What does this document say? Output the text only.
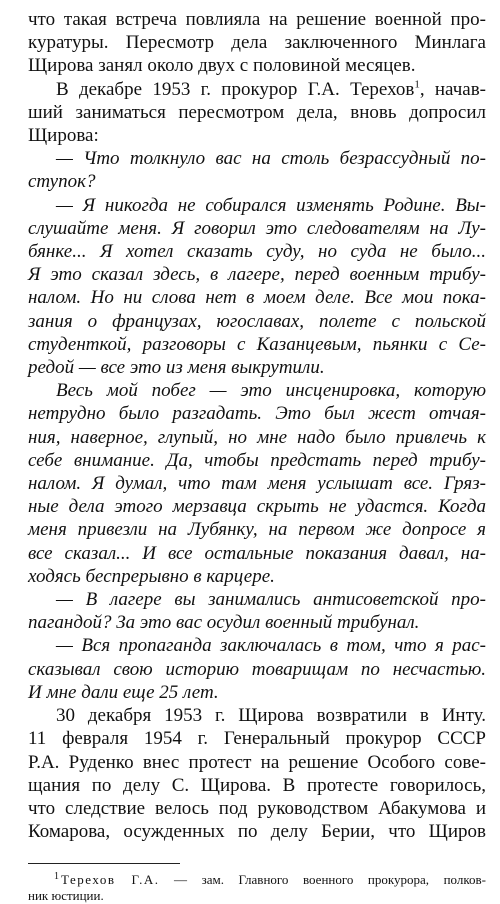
что такая встреча повлияла на решение военной про-
куратуры. Пересмотр дела заключенного Минлага
Щирова занял около двух с половиной месяцев.
В декабре 1953 г. прокурор Г.А. Терехов$^1$, начав-
ший заниматься пересмотром дела, вновь допросил
Щирова:
— Что толкнуло вас на столь безрассудный по-
ступок?
— Я никогда не собирался изменять Родине. Вы-
слушайте меня. Я говорил это следователям на Лу-
бянке... Я хотел сказать суду, но суда не было...
Я это сказал здесь, в лагере, перед военным трибу-
налом. Но ни слова нет в моем деле. Все мои пока-
зания о французах, югославах, полете с польской
студенткой, разговоры с Казанцевым, пьянки с Се-
редой — все это из меня выкрутили.
Весь мой побег — это инсценировка, которую
нетрудно было разгадать. Это был жест отчая-
ния, наверное, глупый, но мне надо было привлечь к
себе внимание. Да, чтобы предстать перед трибу-
налом. Я думал, что там меня услышат все. Гряз-
ные дела этого мерзавца скрыть не удастся. Когда
меня привезли на Лубянку, на первом же допросе я
все сказал... И все остальные показания давал, на-
ходясь беспрерывно в карцере.
— В лагере вы занимались антисоветской про-
пагандой? За это вас осудил военный трибунал.
— Вся пропаганда заключалась в том, что я рас-
сказывал свою историю товарищам по несчастью.
И мне дали еще 25 лет.
30 декабря 1953 г. Щирова возвратили в Инту.
11 февраля 1954 г. Генеральный прокурор СССР
Р.А. Руденко внес протест на решение Особого сове-
щания по делу С. Щирова. В протесте говорилось,
что следствие велось под руководством Абакумова и
Комарова, осужденных по делу Берии, что Щиров
$^1$ Терехов Г.А. — зам. Главного военного прокурора, полков-
ник юстиции.
